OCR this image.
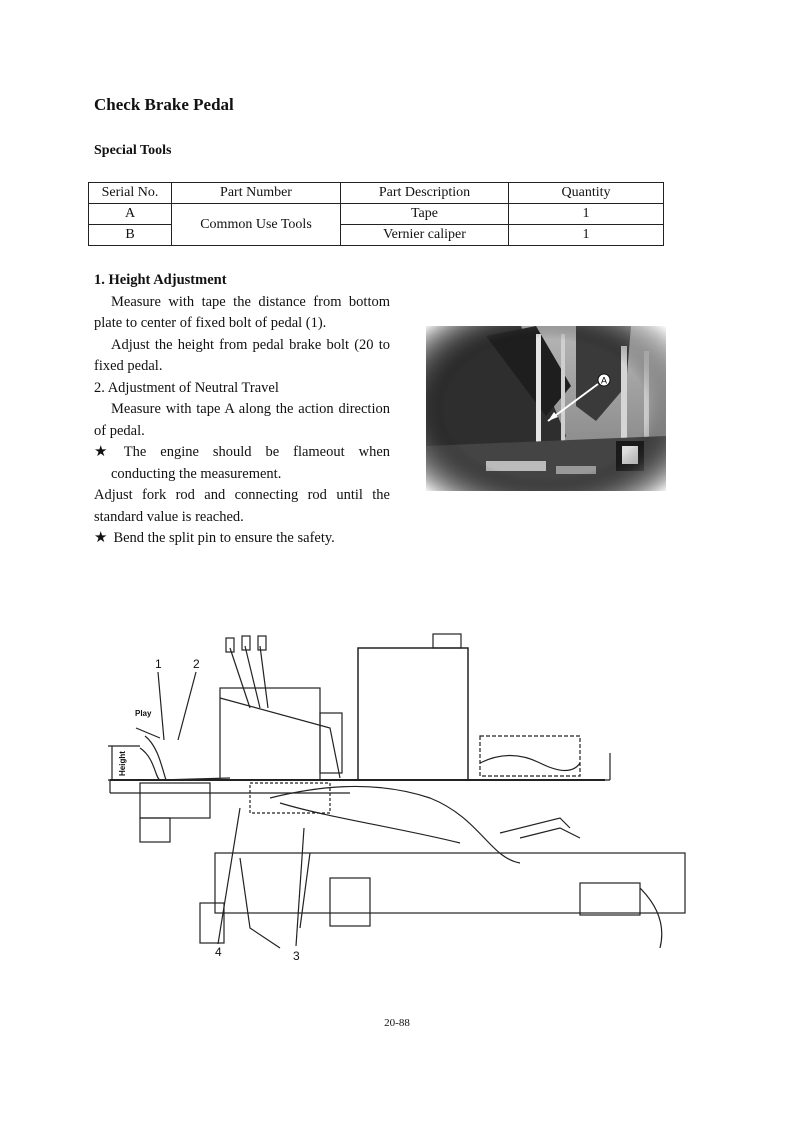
Check Brake Pedal
Special Tools
Serial No.	Part Number	Part Description	Quantity
A	Common Use Tools	Tape	1
B		Vernier caliper	1

1. Height Adjustment

Measure with tape the distance from bottom plate to center of fixed bolt of pedal (1).

Adjust the height from pedal brake bolt (20 to fixed pedal.

2. Adjustment of Neutral Travel

Measure with tape A along the action direction of pedal.

★ The engine should be flameout when conducting the measurement.

Adjust fork rod and connecting rod until the standard value is reached.

★ Bend the split pin to ensure the safety.

1	2
3
4
Play
Height
20-88
